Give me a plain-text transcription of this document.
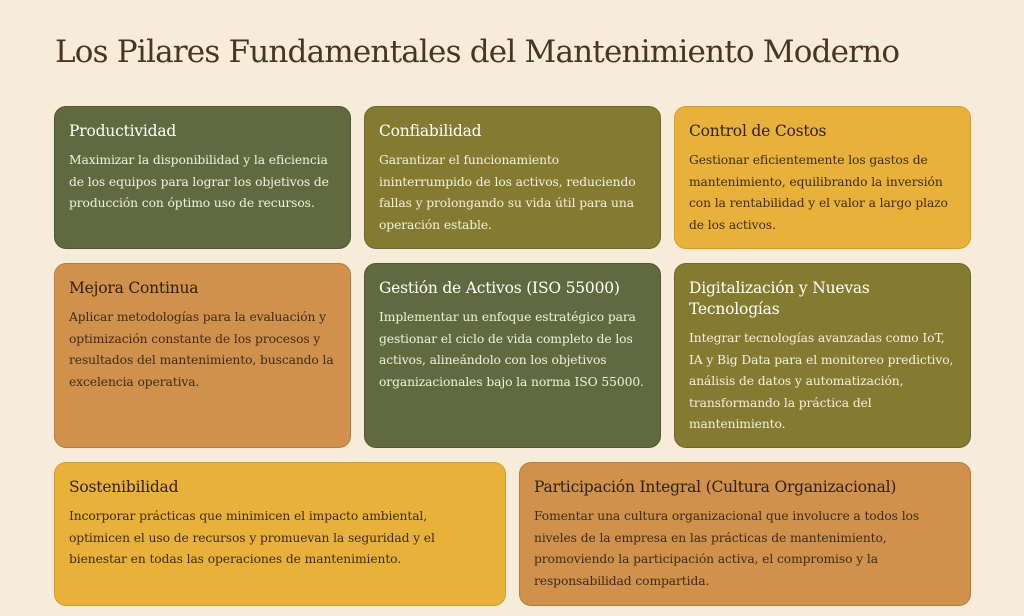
Los Pilares Fundamentales del Mantenimiento Moderno
Productividad

Maximizar la disponibilidad y la eficiencia de los equipos para lograr los objetivos de producción con óptimo uso de recursos.

Confiabilidad

Garantizar el funcionamiento ininterrumpido de los activos, reduciendo fallas y prolongando su vida útil para una operación estable.

Control de Costos

Gestionar eficientemente los gastos de mantenimiento, equilibrando la inversión con la rentabilidad y el valor a largo plazo de los activos.

Mejora Continua

Aplicar metodologías para la evaluación y optimización constante de los procesos y resultados del mantenimiento, buscando la excelencia operativa.

Gestión de Activos (ISO 55000)

Implementar un enfoque estratégico para gestionar el ciclo de vida completo de los activos, alineándolo con los objetivos organizacionales bajo la norma ISO 55000.

Digitalización y Nuevas Tecnologías

Integrar tecnologías avanzadas como IoT, IA y Big Data para el monitoreo predictivo, análisis de datos y automatización, transformando la práctica del mantenimiento.

Sostenibilidad

Incorporar prácticas que minimicen el impacto ambiental, optimicen el uso de recursos y promuevan la seguridad y el bienestar en todas las operaciones de mantenimiento.

Participación Integral (Cultura Organizacional)

Fomentar una cultura organizacional que involucre a todos los niveles de la empresa en las prácticas de mantenimiento, promoviendo la participación activa, el compromiso y la responsabilidad compartida.
